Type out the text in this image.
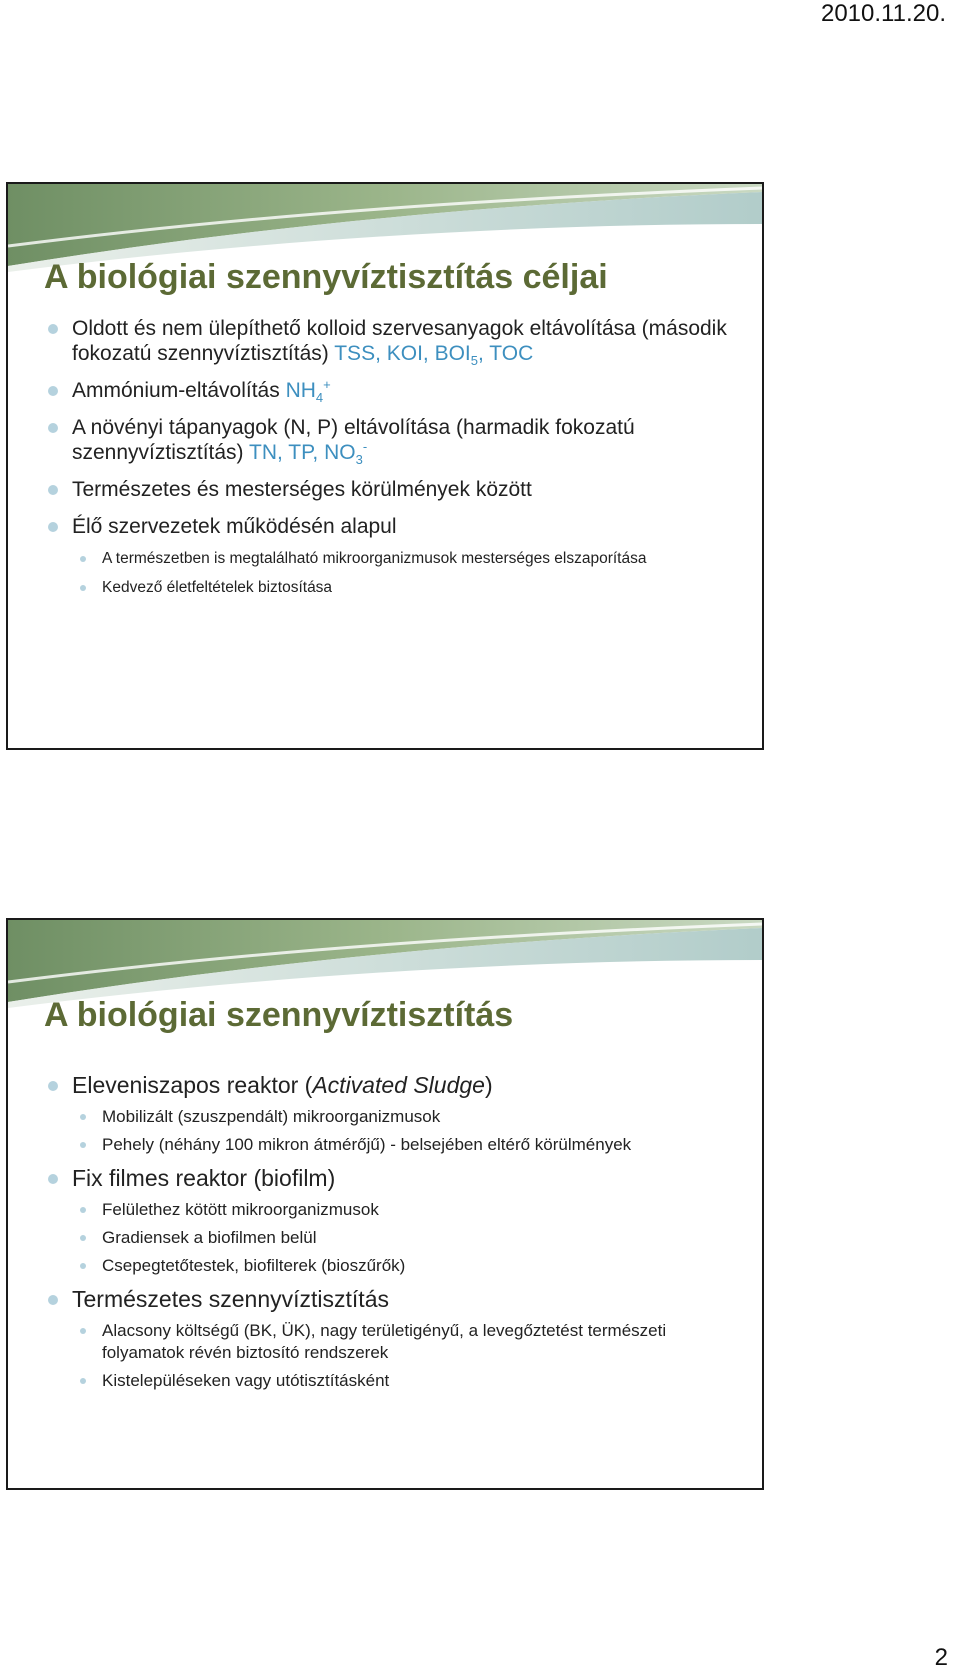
2010.11.20.
A biológiai szennyvíztisztítás céljai
Oldott és nem ülepíthető kolloid szervesanyagok eltávolítása (második fokozatú szennyvíztisztítás) TSS, KOI, $BOI_5$, TOC
Ammónium-eltávolítás $NH_4^+$
A növényi tápanyagok (N, P) eltávolítása (harmadik fokozatú szennyvíztisztítás) TN, TP, $NO_3^-$
Természetes és mesterséges körülmények között
Élő szervezetek működésén alapul
A természetben is megtalálható mikroorganizmusok mesterséges elszaporítása
Kedvező életfeltételek biztosítása
A biológiai szennyvíztisztítás
Eleveniszapos reaktor (Activated Sludge)
Mobilizált (szuszpendált) mikroorganizmusok
Pehely (néhány 100 mikron átmérőjű) - belsejében eltérő körülmények
Fix filmes reaktor (biofilm)
Felülethez kötött mikroorganizmusok
Gradiensek a biofilmen belül
Csepegtetőtestek, biofilterek (bioszűrők)
Természetes szennyvíztisztítás
Alacsony költségű (BK, ÜK), nagy területigényű, a levegőztetést természeti folyamatok révén biztosító rendszerek
Kistelepüléseken vagy utótisztításként
2
